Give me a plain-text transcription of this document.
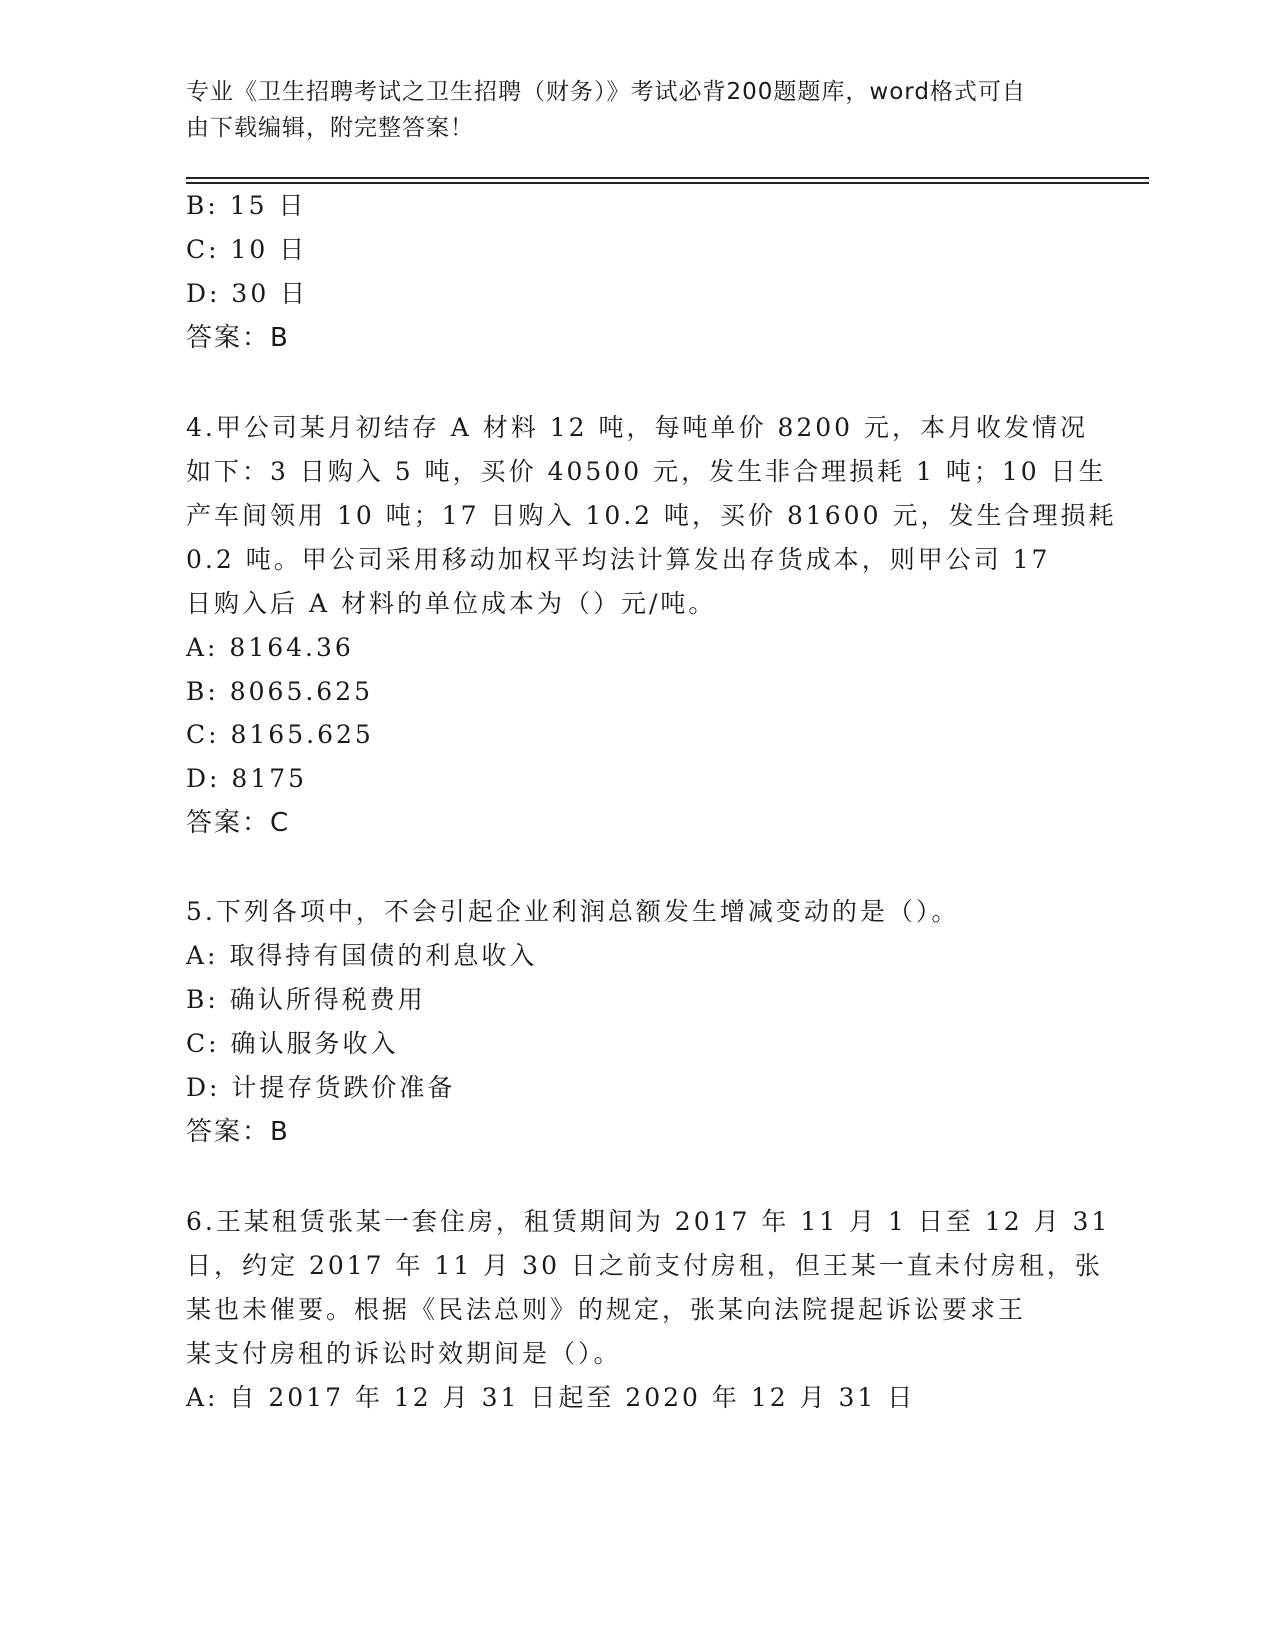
专业《卫生招聘考试之卫生招聘（财务）》考试必背200题题库，word格式可自
由下载编辑，附完整答案！
B: 15 日
C: 10 日
D: 30 日
答案：B
4.甲公司某月初结存 A 材料 12 吨，每吨单价 8200 元，本月收发情况
如下：3 日购入 5 吨，买价 40500 元，发生非合理损耗 1 吨；10 日生
产车间领用 10 吨；17 日购入 10.2 吨，买价 81600 元，发生合理损耗
0.2 吨。甲公司采用移动加权平均法计算发出存货成本，则甲公司 17
日购入后 A 材料的单位成本为（）元/吨。
A: 8164.36
B: 8065.625
C: 8165.625
D: 8175
答案：C
5.下列各项中，不会引起企业利润总额发生增减变动的是（）。
A: 取得持有国债的利息收入
B: 确认所得税费用
C: 确认服务收入
D: 计提存货跌价准备
答案：B
6.王某租赁张某一套住房，租赁期间为 2017 年 11 月 1 日至 12 月 31
日，约定 2017 年 11 月 30 日之前支付房租，但王某一直未付房租，张
某也未催要。根据《民法总则》的规定，张某向法院提起诉讼要求王
某支付房租的诉讼时效期间是（）。
A: 自 2017 年 12 月 31 日起至 2020 年 12 月 31 日
